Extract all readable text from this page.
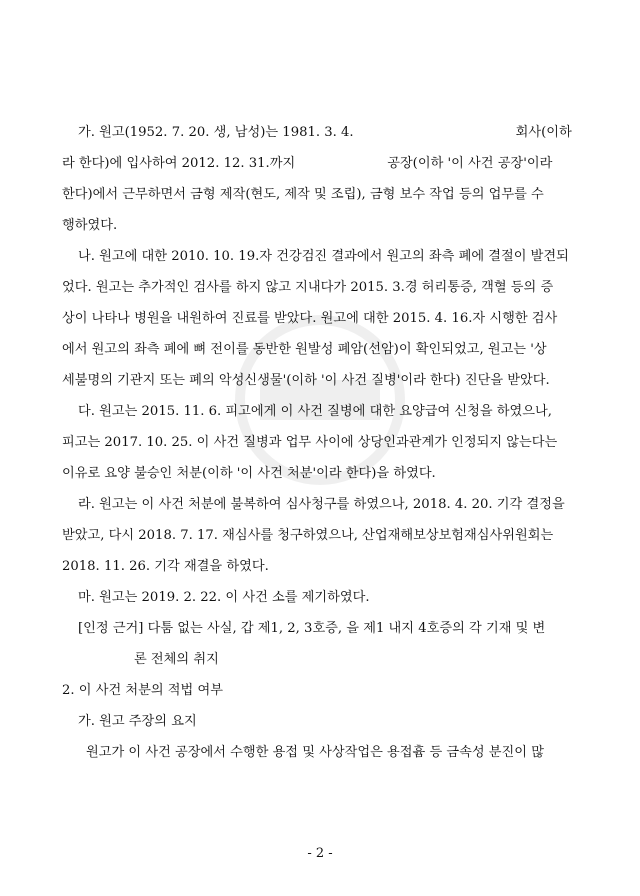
가. 원고(1952. 7. 20. 생, 남성)는 1981. 3. 4.	회사(이하
라 한다)에 입사하여 2012. 12. 31.까지	공장(이하 '이 사건 공장'이라
한다)에서 근무하면서 금형 제작(현도, 제작 및 조립), 금형 보수 작업 등의 업무를 수
행하였다.
나. 원고에 대한 2010. 10. 19.자 건강검진 결과에서 원고의 좌측 폐에 결절이 발견되
었다. 원고는 추가적인 검사를 하지 않고 지내다가 2015. 3.경 허리통증, 객혈 등의 증
상이 나타나 병원을 내원하여 진료를 받았다. 원고에 대한 2015. 4. 16.자 시행한 검사
에서 원고의 좌측 폐에 뼈 전이를 동반한 원발성 폐암(선암)이 확인되었고, 원고는 '상
세불명의 기관지 또는 폐의 악성신생물'(이하 '이 사건 질병'이라 한다) 진단을 받았다.
다. 원고는 2015. 11. 6. 피고에게 이 사건 질병에 대한 요양급여 신청을 하였으나,
피고는 2017. 10. 25. 이 사건 질병과 업무 사이에 상당인과관계가 인정되지 않는다는
이유로 요양 불승인 처분(이하 '이 사건 처분'이라 한다)을 하였다.
라. 원고는 이 사건 처분에 불복하여 심사청구를 하였으나, 2018. 4. 20. 기각 결정을
받았고, 다시 2018. 7. 17. 재심사를 청구하였으나, 산업재해보상보험재심사위원회는
2018. 11. 26. 기각 재결을 하였다.
마. 원고는 2019. 2. 22. 이 사건 소를 제기하였다.
[인정 근거] 다툼 없는 사실, 갑 제1, 2, 3호증, 을 제1 내지 4호증의 각 기재 및 변
론 전체의 취지
2. 이 사건 처분의 적법 여부
가. 원고 주장의 요지
원고가 이 사건 공장에서 수행한 용접 및 사상작업은 용접흄 등 금속성 분진이 많
- 2 -
